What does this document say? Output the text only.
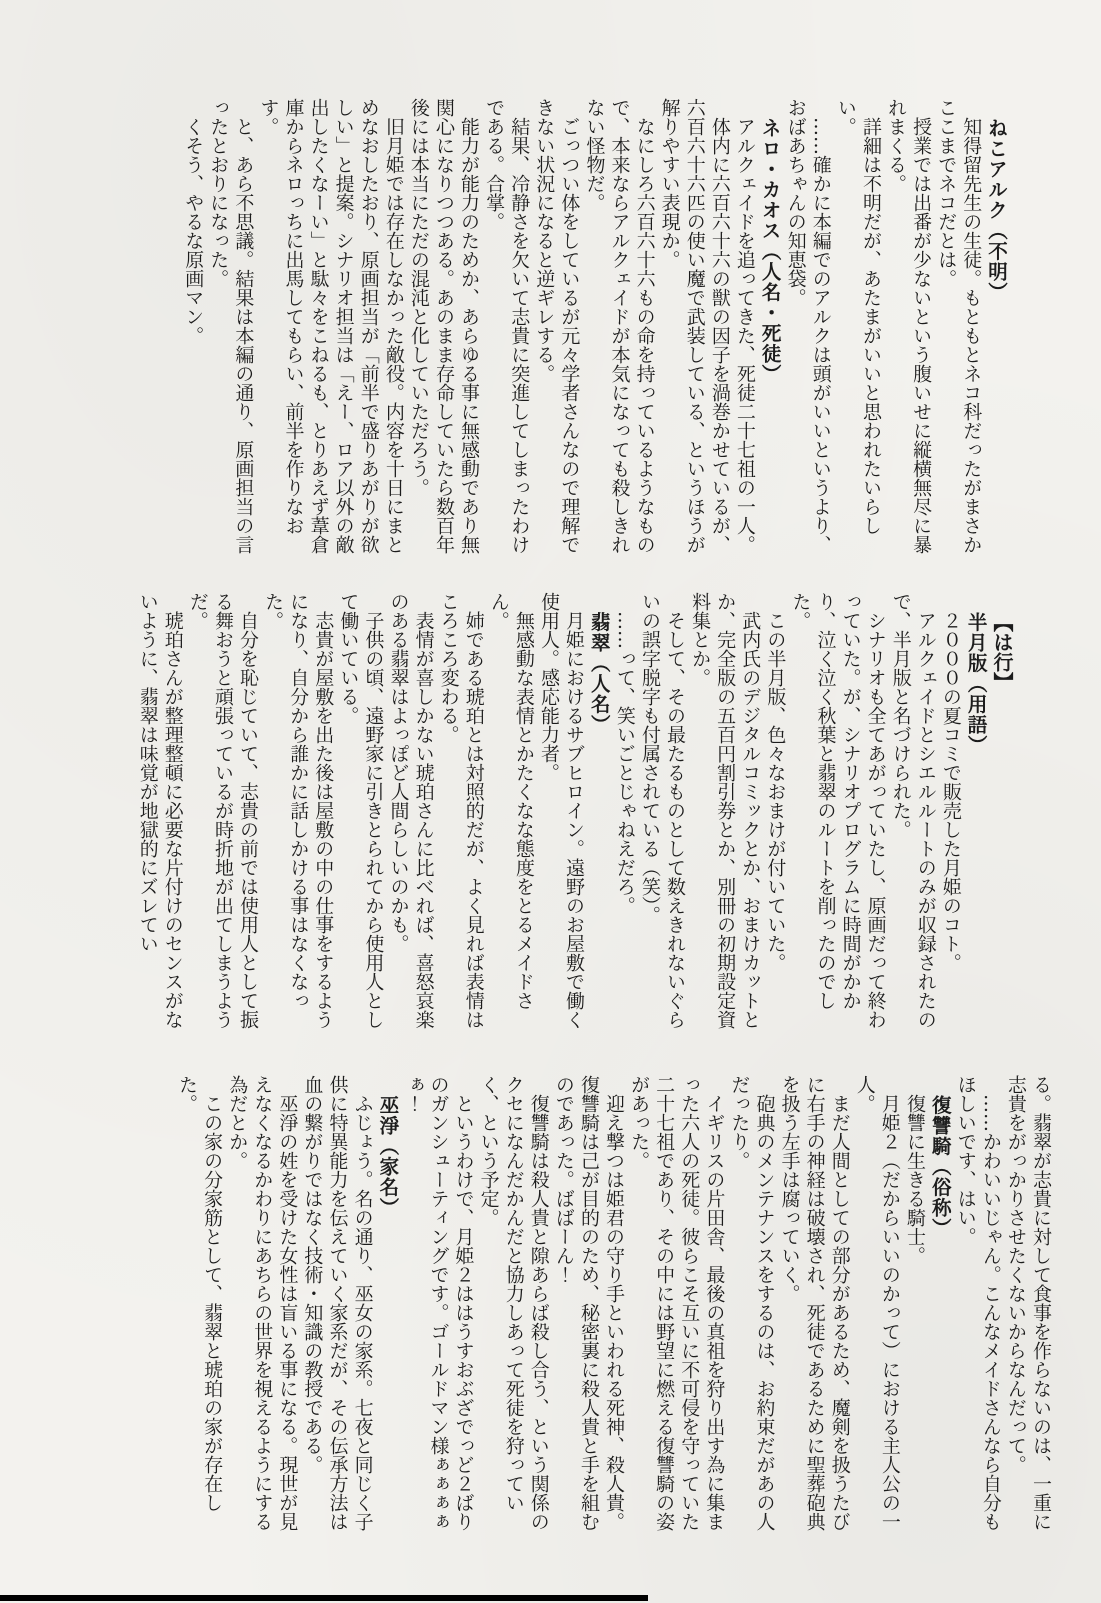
ねこアルク（不明）

知得留先生の生徒。もともとネコ科だったがまさかここまでネコだとは。

授業では出番が少ないという腹いせに縦横無尽に暴れまくる。

詳細は不明だが、あたまがいいと思われたいらしい。

……確かに本編でのアルクは頭がいいというより、おばあちゃんの知恵袋。

ネロ・カオス（人名・死徒）

アルクェイドを追ってきた、死徒二十七祖の一人。

体内に六百六十六の獣の因子を渦巻かせているが、六百六十六匹の使い魔で武装している、というほうが解りやすい表現か。

なにしろ六百六十六もの命を持っているようなもので、本来ならアルクェイドが本気になっても殺しきれない怪物だ。

ごっつい体をしているが元々学者さんなので理解できない状況になると逆ギレする。

結果、冷静さを欠いて志貴に突進してしまったわけである。合掌。

能力が能力のためか、あらゆる事に無感動であり無関心になりつつある。あのまま存命していたら数百年後には本当にただの混沌と化していただろう。

旧月姫では存在しなかった敵役。内容を十日にまとめなおしたおり、原画担当が「前半で盛りあがりが欲しい」と提案。シナリオ担当は「えー、ロア以外の敵出したくなーい」と駄々をこねるも、とりあえず葦倉庫からネロっちに出馬してもらい、前半を作りなおす。

と、あら不思議。結果は本編の通り、原画担当の言ったとおりになった。

くそう、やるな原画マン。

【は行】
半月版（用語）

２０００の夏コミで販売した月姫のコト。

アルクェイドとシエルルートのみが収録されたので、半月版と名づけられた。

シナリオも全てあがっていたし、原画だって終わっていた。が、シナリオプログラムに時間がかかり、泣く泣く秋葉と翡翠のルートを削ったのでした。

この半月版、色々なおまけが付いていた。

武内氏のデジタルコミックとか、おまけカットとか、完全版の五百円割引券とか、別冊の初期設定資料集とか。

そして、その最たるものとして数えきれないぐらいの誤字脱字も付属されている（笑）。

……って、笑いごとじゃねえだろ。

翡翠（人名）

月姫におけるサブヒロイン。遠野のお屋敷で働く使用人。感応能力者。

無感動な表情とかたくなな態度をとるメイドさん。

姉である琥珀とは対照的だが、よく見れば表情はころころ変わる。

表情が喜しかない琥珀さんに比べれば、喜怒哀楽のある翡翠はよっぽど人間らしいのかも。

子供の頃、遠野家に引きとられてから使用人として働いている。

志貴が屋敷を出た後は屋敷の中の仕事をするようになり、自分から誰かに話しかける事はなくなった。

自分を恥じていて、志貴の前では使用人として振る舞おうと頑張っているが時折地が出てしまうようだ。

琥珀さんが整理整頓に必要な片付けのセンスがないように、翡翠は味覚が地獄的にズレてい

る。翡翠が志貴に対して食事を作らないのは、一重に志貴をがっかりさせたくないからなんだって。

……かわいいじゃん。こんなメイドさんなら自分もほしいです、はい。

復讐騎（俗称）

復讐に生きる騎士。

月姫２（だからいいのかって）における主人公の一人。

まだ人間としての部分があるため、魔剣を扱うたびに右手の神経は破壊され、死徒であるために聖葬砲典を扱う左手は腐っていく。

砲典のメンテナンスをするのは、お約束だがあの人だったり。

イギリスの片田舎、最後の真祖を狩り出す為に集まった六人の死徒。彼らこそ互いに不可侵を守っていた二十七祖であり、その中には野望に燃える復讐騎の姿があった。

迎え撃つは姫君の守り手といわれる死神、殺人貴。復讐騎は己が目的のため、秘密裏に殺人貴と手を組むのであった。ばばーん！

復讐騎は殺人貴と隙あらば殺し合う、という関係のクセになんだかんだと協力しあって死徒を狩っていく、という予定。

というわけで、月姫２ははうすおぶざでっど２ばりのガンシューティングです。ゴールドマン様ぁぁぁぁぁ！

巫淨（家名）

ふじょう。名の通り、巫女の家系。七夜と同じく子供に特異能力を伝えていく家系だが、その伝承方法は血の繋がりではなく技術・知識の教授である。

巫淨の姓を受けた女性は盲いる事になる。現世が見えなくなるかわりにあちらの世界を視えるようにする為だとか。

この家の分家筋として、翡翠と琥珀の家が存在した。
